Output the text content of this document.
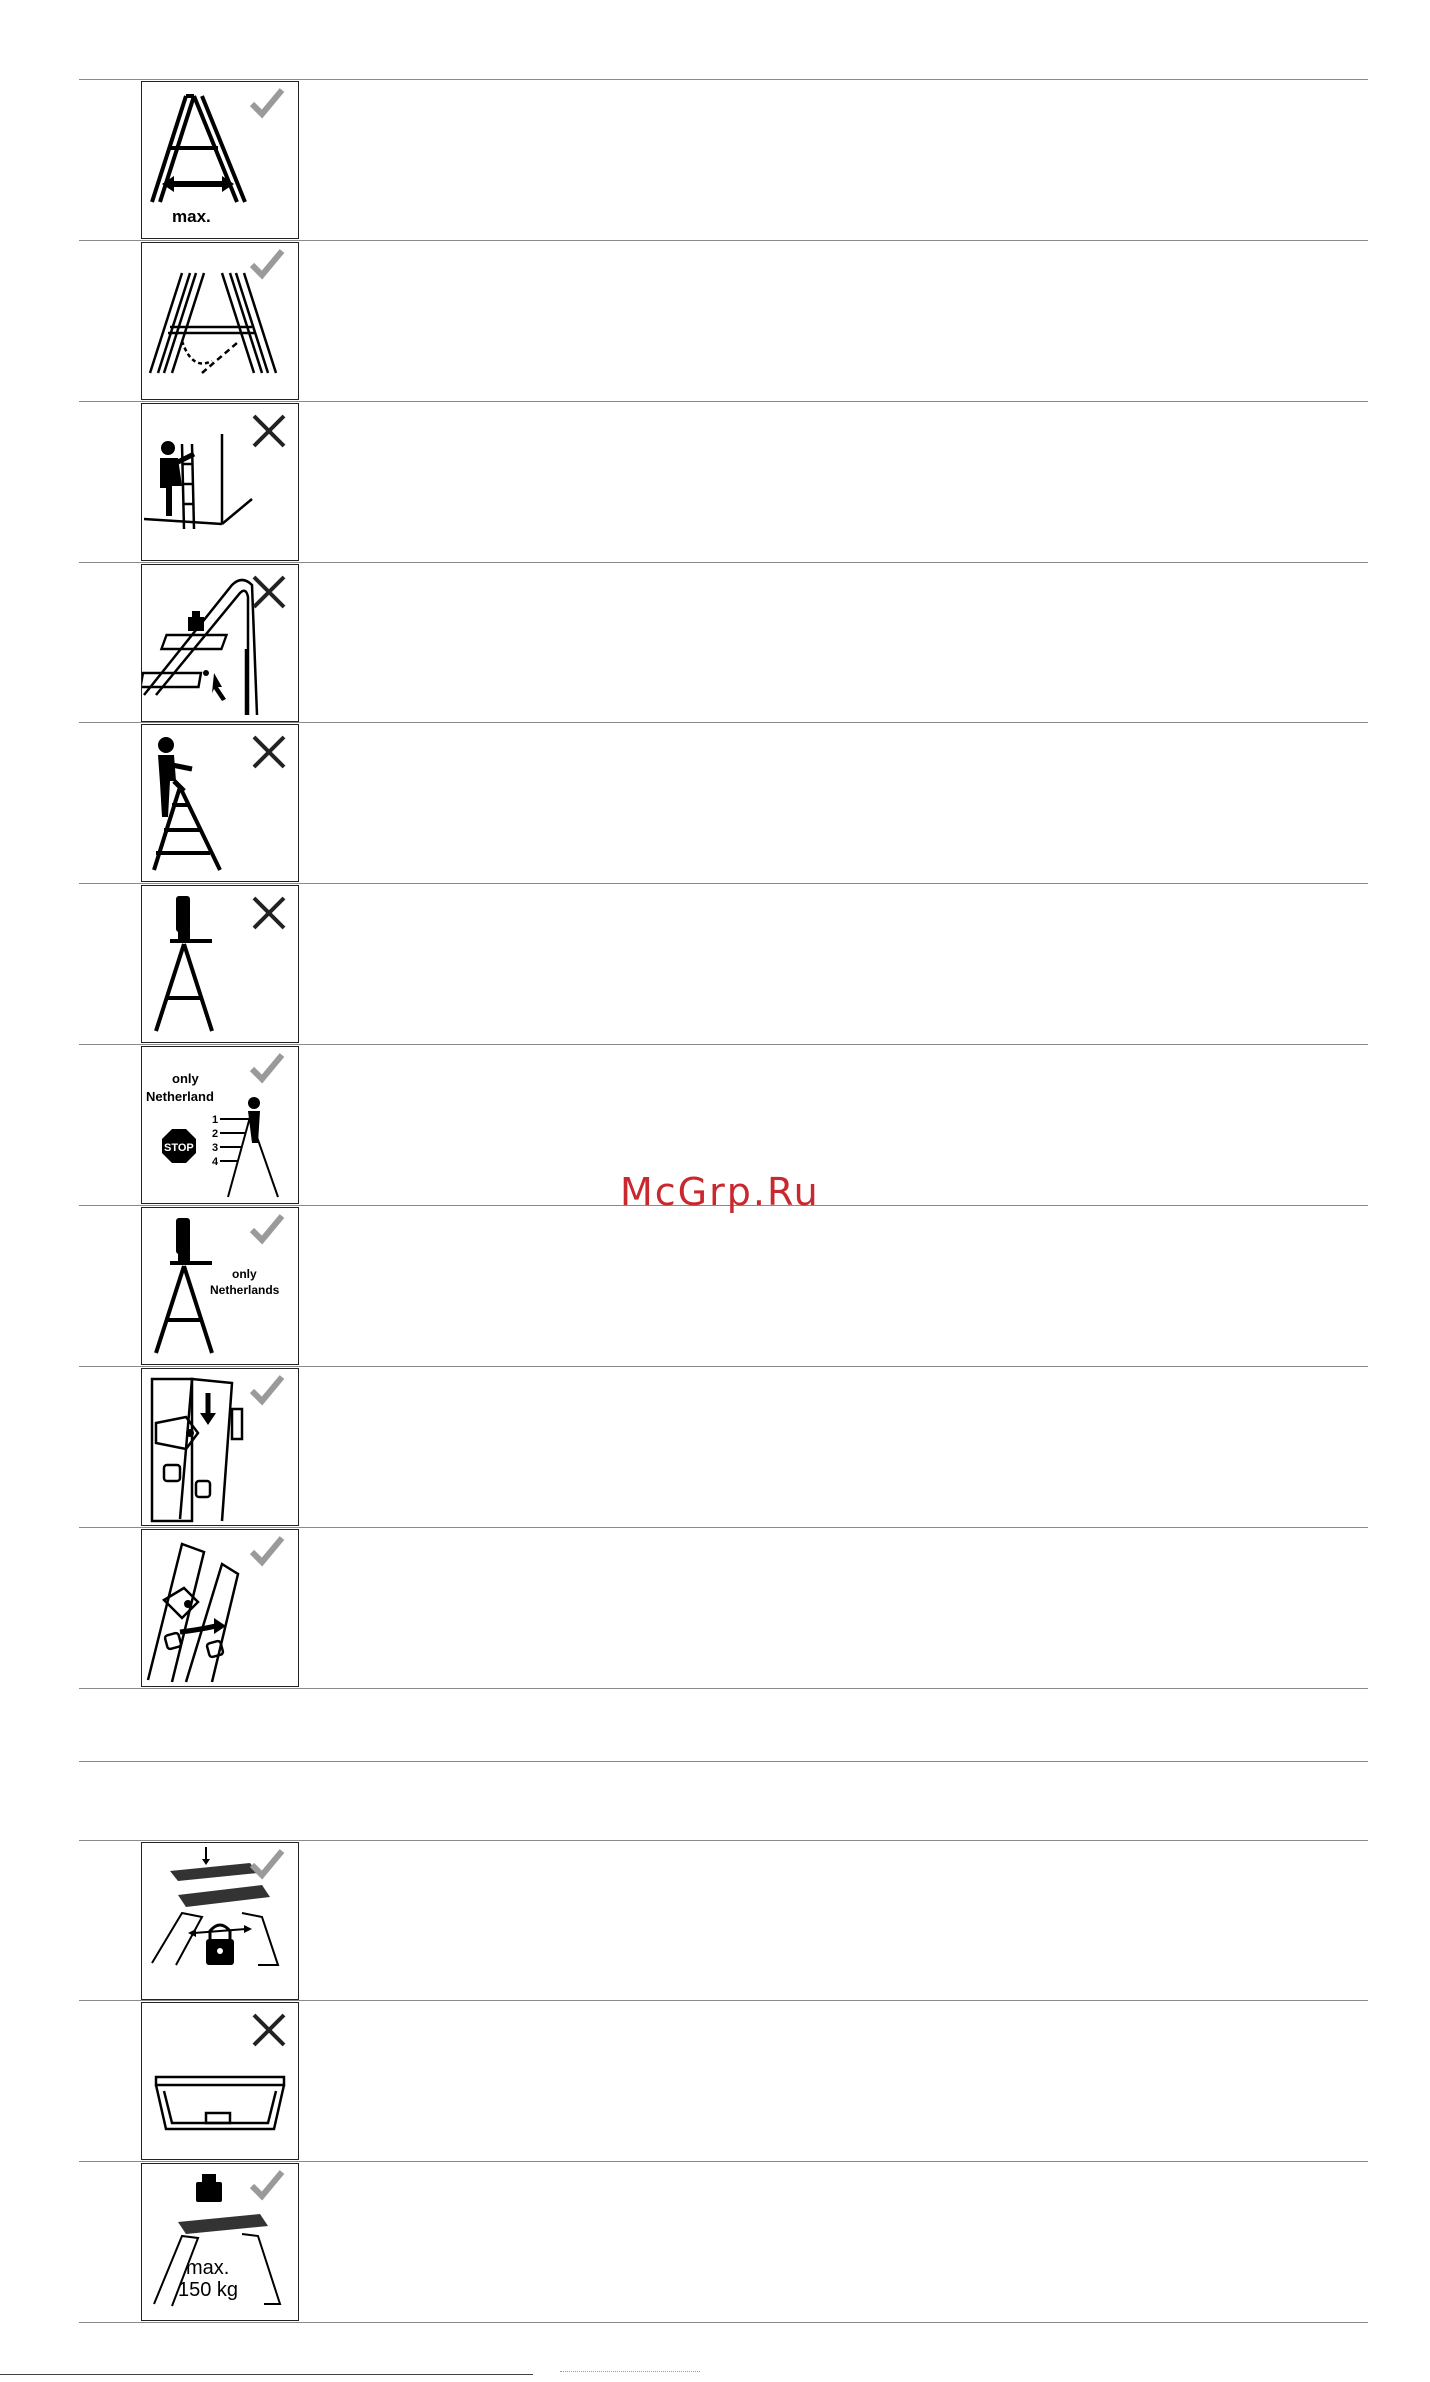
max.
only
Netherland
STOP
1
2
3
4
only
Netherlands
max.
150 kg
McGrp.Ru
